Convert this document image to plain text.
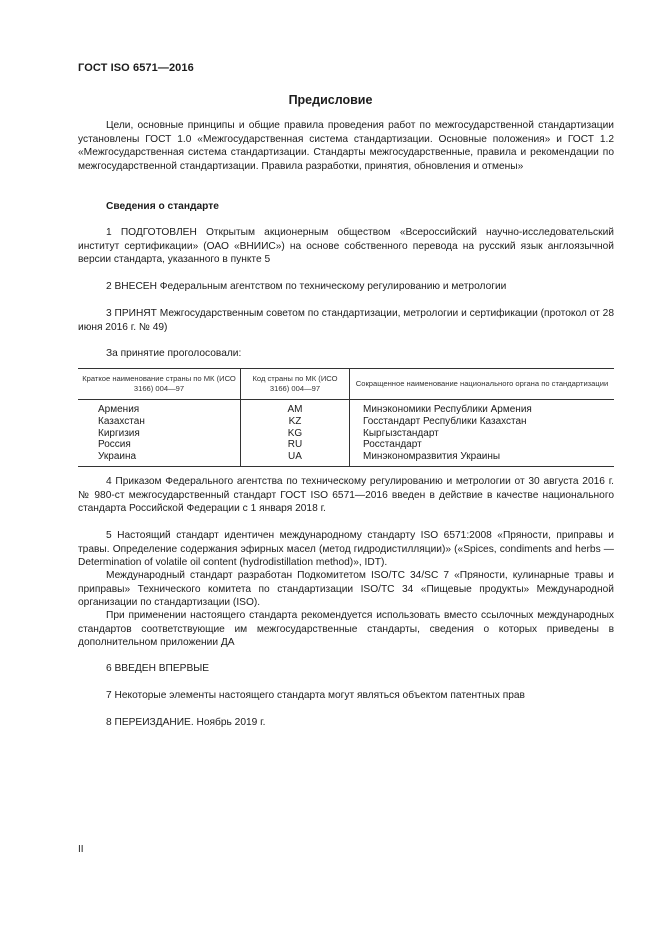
ГОСТ ISO 6571—2016
Предисловие
Цели, основные принципы и общие правила проведения работ по межгосударственной стандартизации установлены ГОСТ 1.0 «Межгосударственная система стандартизации. Основные положения» и ГОСТ 1.2 «Межгосударственная система стандартизации. Стандарты межгосударственные, правила и рекомендации по межгосударственной стандартизации. Правила разработки, принятия, обновления и отмены»
Сведения о стандарте
1 ПОДГОТОВЛЕН Открытым акционерным обществом «Всероссийский научно-исследовательский институт сертификации» (ОАО «ВНИИС») на основе собственного перевода на русский язык англоязычной версии стандарта, указанного в пункте 5
2 ВНЕСЕН Федеральным агентством по техническому регулированию и метрологии
3 ПРИНЯТ Межгосударственным советом по стандартизации, метрологии и сертификации (протокол от 28 июня 2016 г. № 49)
За принятие проголосовали:
Краткое наименование страны по МК (ИСО 3166) 004—97	Код страны по МК (ИСО 3166) 004—97	Сокращенное наименование национального органа по стандартизации
Армения	AM	Минэкономики Республики Армения
Казахстан	KZ	Госстандарт Республики Казахстан
Киргизия	KG	Кыргызстандарт
Россия	RU	Росстандарт
Украина	UA	Минэкономразвития Украины
4 Приказом Федерального агентства по техническому регулированию и метрологии от 30 августа 2016 г. № 980-ст межгосударственный стандарт ГОСТ ISO 6571—2016 введен в действие в качестве национального стандарта Российской Федерации с 1 января 2018 г.
5 Настоящий стандарт идентичен международному стандарту ISO 6571:2008 «Пряности, приправы и травы. Определение содержания эфирных масел (метод гидродистилляции)» («Spices, condiments and herbs — Determination of volatile oil content (hydrodistillation method)», IDT).
Международный стандарт разработан Подкомитетом ISO/TC 34/SC 7 «Пряности, кулинарные травы и приправы» Технического комитета по стандартизации ISO/TC 34 «Пищевые продукты» Международной организации по стандартизации (ISO).
При применении настоящего стандарта рекомендуется использовать вместо ссылочных международных стандартов соответствующие им межгосударственные стандарты, сведения о которых приведены в дополнительном приложении ДА
6 ВВЕДЕН ВПЕРВЫЕ
7 Некоторые элементы настоящего стандарта могут являться объектом патентных прав
8 ПЕРЕИЗДАНИЕ. Ноябрь 2019 г.
II
